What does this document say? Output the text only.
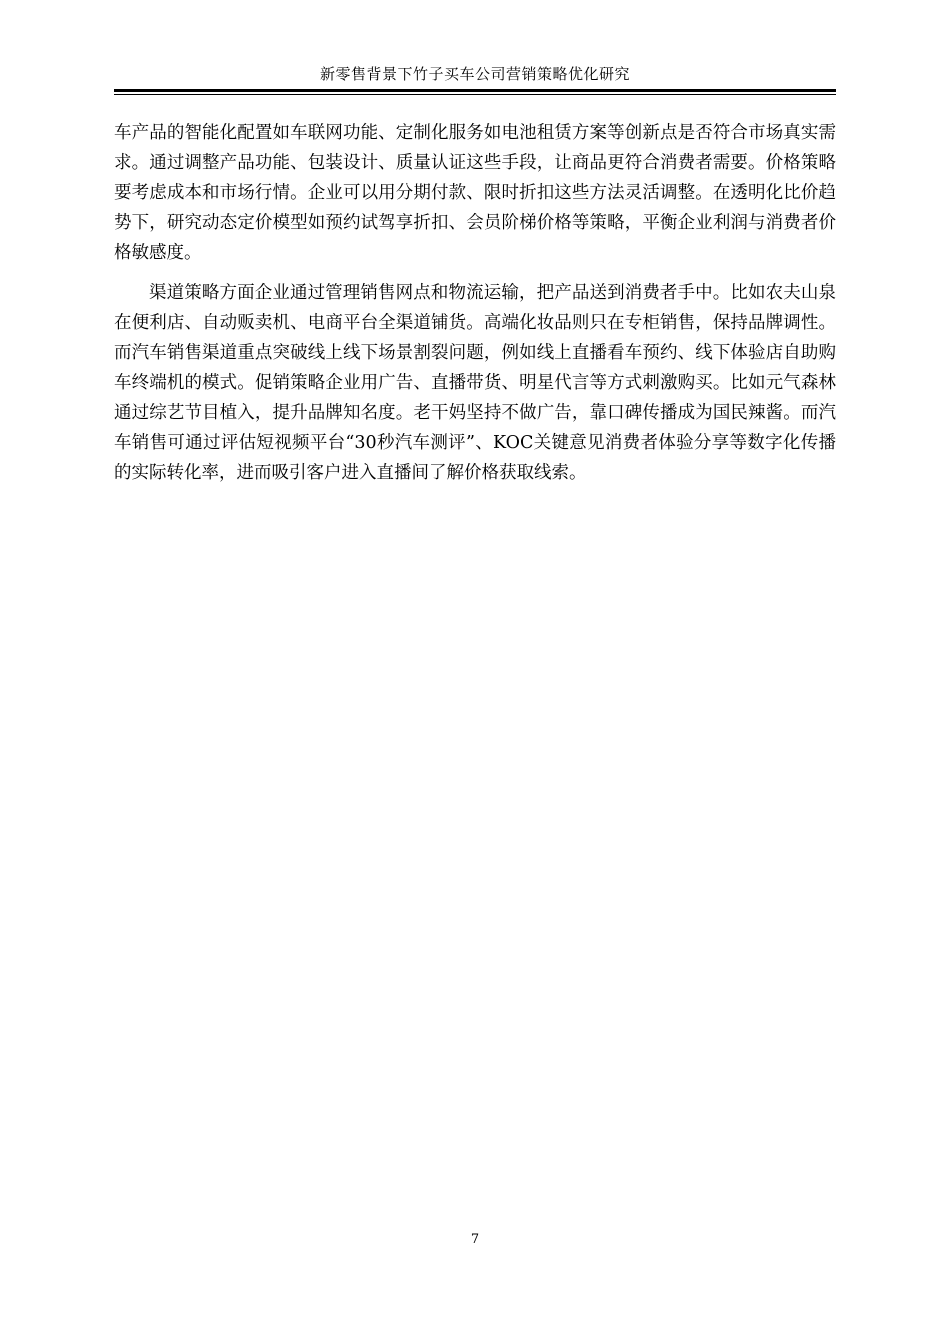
新零售背景下竹子买车公司营销策略优化研究

车产品的智能化配置如车联网功能、定制化服务如电池租赁方案等创新点是否符合市场真实需求。通过调整产品功能、包装设计、质量认证这些手段，让商品更符合消费者需要。价格策略要考虑成本和市场行情。企业可以用分期付款、限时折扣这些方法灵活调整。在透明化比价趋势下，研究动态定价模型如预约试驾享折扣、会员阶梯价格等策略，平衡企业利润与消费者价格敏感度。

渠道策略方面企业通过管理销售网点和物流运输，把产品送到消费者手中。比如农夫山泉在便利店、自动贩卖机、电商平台全渠道铺货。高端化妆品则只在专柜销售，保持品牌调性。而汽车销售渠道重点突破线上线下场景割裂问题，例如线上直播看车预约、线下体验店自助购车终端机的模式。促销策略企业用广告、直播带货、明星代言等方式刺激购买。比如元气森林通过综艺节目植入，提升品牌知名度。老干妈坚持不做广告，靠口碑传播成为国民辣酱。而汽车销售可通过评估短视频平台“30秒汽车测评”、KOC关键意见消费者体验分享等数字化传播的实际转化率，进而吸引客户进入直播间了解价格获取线索。

7
